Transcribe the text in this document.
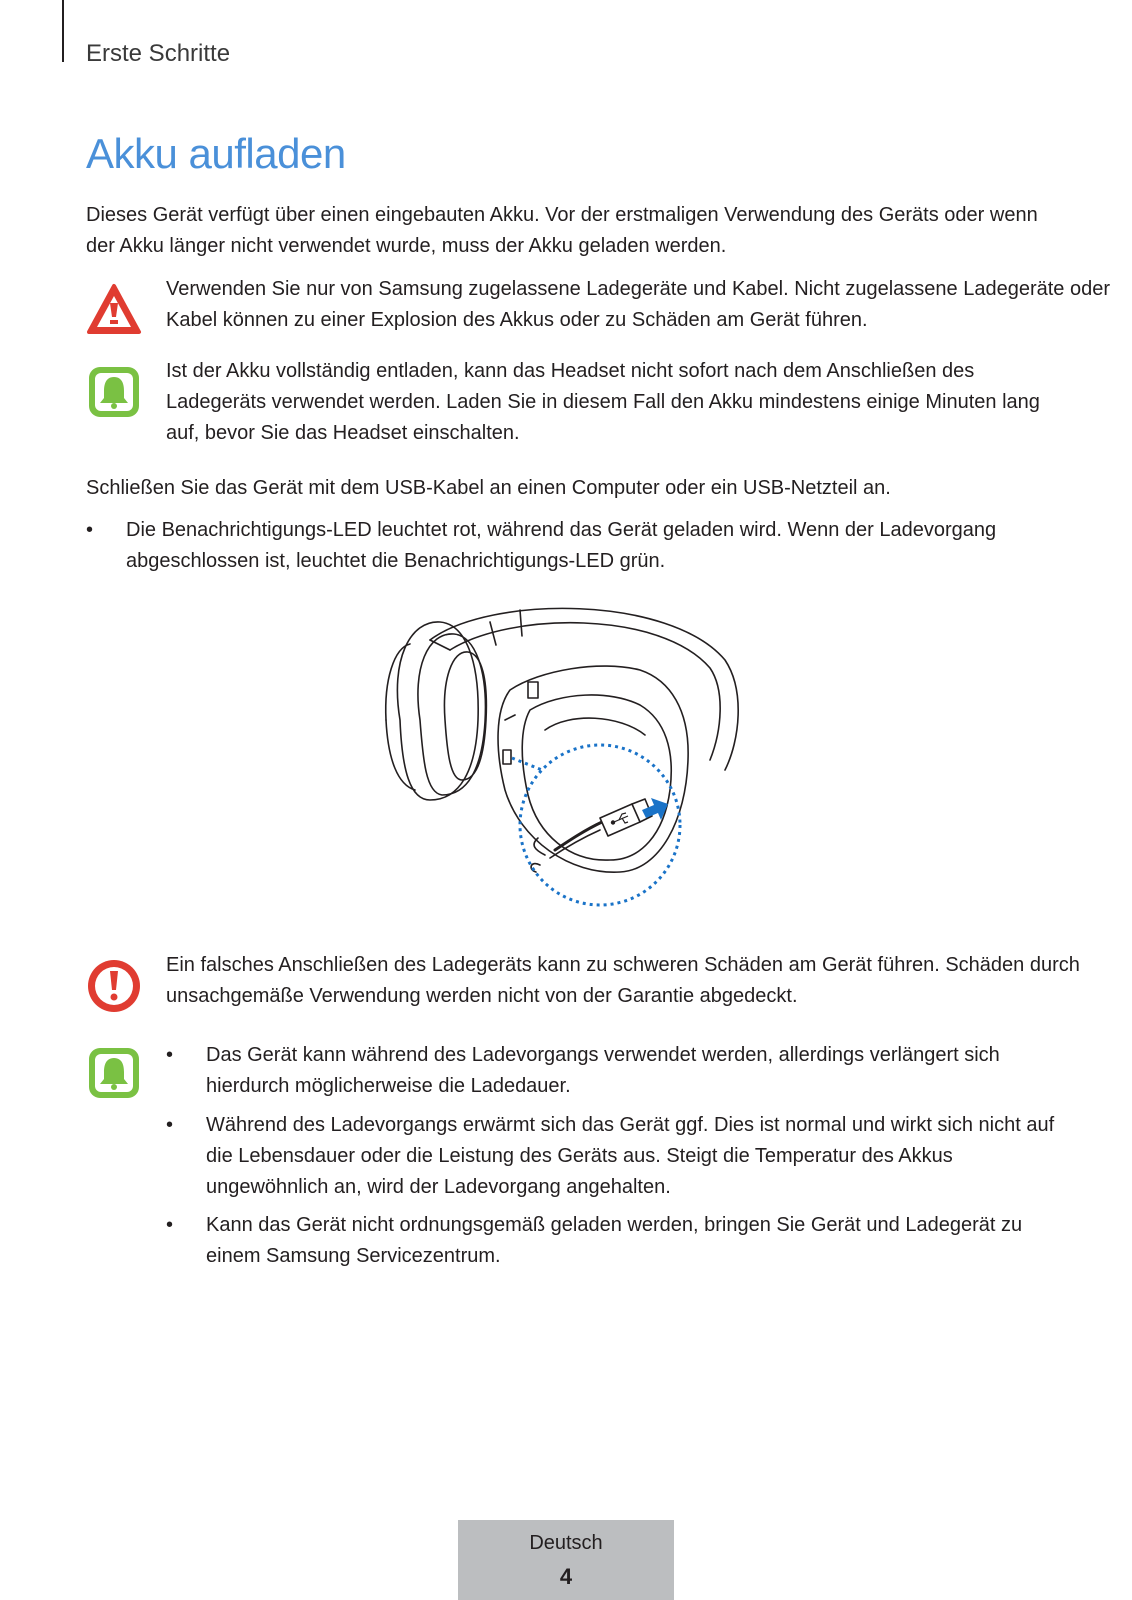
Erste Schritte
Akku aufladen
Dieses Gerät verfügt über einen eingebauten Akku. Vor der erstmaligen Verwendung des Geräts oder wenn der Akku länger nicht verwendet wurde, muss der Akku geladen werden.
Verwenden Sie nur von Samsung zugelassene Ladegeräte und Kabel. Nicht zugelassene Ladegeräte oder Kabel können zu einer Explosion des Akkus oder zu Schäden am Gerät führen.
Ist der Akku vollständig entladen, kann das Headset nicht sofort nach dem Anschließen des Ladegeräts verwendet werden. Laden Sie in diesem Fall den Akku mindestens einige Minuten lang auf, bevor Sie das Headset einschalten.
Schließen Sie das Gerät mit dem USB-Kabel an einen Computer oder ein USB-Netzteil an.
• Die Benachrichtigungs-LED leuchtet rot, während das Gerät geladen wird. Wenn der Ladevorgang abgeschlossen ist, leuchtet die Benachrichtigungs-LED grün.
Ein falsches Anschließen des Ladegeräts kann zu schweren Schäden am Gerät führen. Schäden durch unsachgemäße Verwendung werden nicht von der Garantie abgedeckt.
• Das Gerät kann während des Ladevorgangs verwendet werden, allerdings verlängert sich hierdurch möglicherweise die Ladedauer.
• Während des Ladevorgangs erwärmt sich das Gerät ggf. Dies ist normal und wirkt sich nicht auf die Lebensdauer oder die Leistung des Geräts aus. Steigt die Temperatur des Akkus ungewöhnlich an, wird der Ladevorgang angehalten.
• Kann das Gerät nicht ordnungsgemäß geladen werden, bringen Sie Gerät und Ladegerät zu einem Samsung Servicezentrum.
Deutsch
4
